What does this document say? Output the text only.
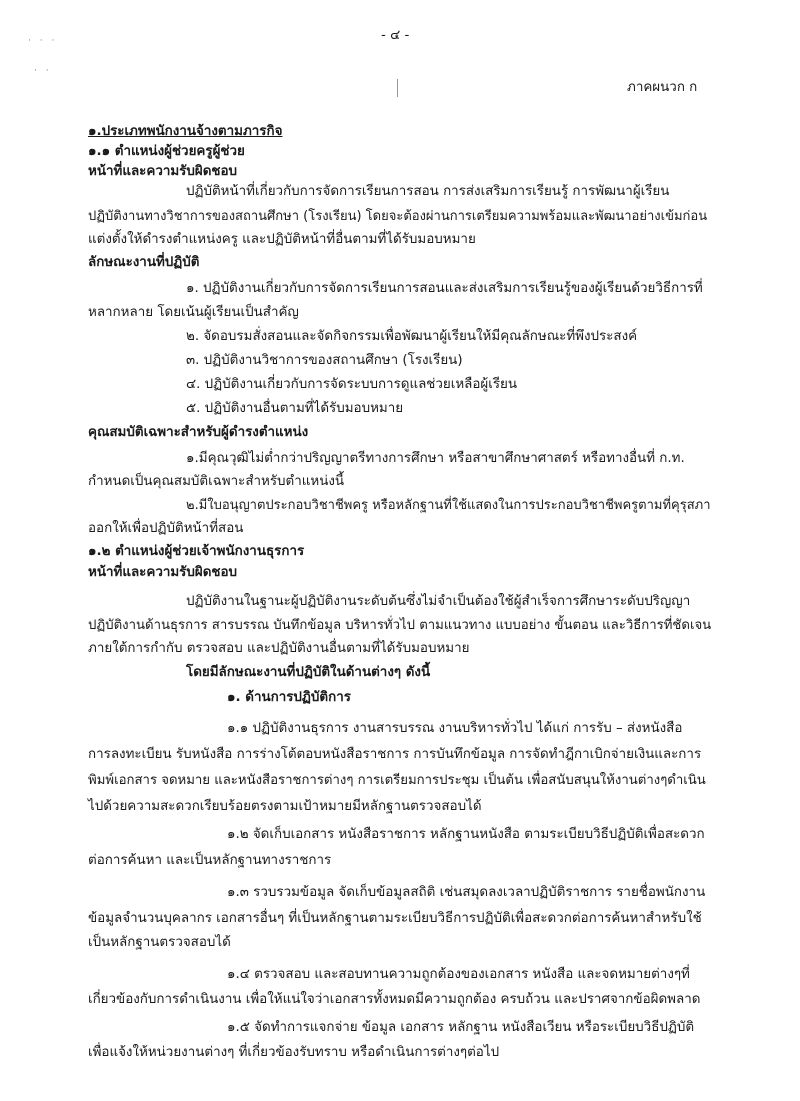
· · ·
· ·
- ๔ -
ภาคผนวก ก
๑.ประเภทพนักงานจ้างตามภารกิจ
๑.๑ ตำแหน่งผู้ช่วยครูผู้ช่วย
หน้าที่และความรับผิดชอบ
ปฏิบัติหน้าที่เกี่ยวกับการจัดการเรียนการสอน การส่งเสริมการเรียนรู้ การพัฒนาผู้เรียน
ปฏิบัติงานทางวิชาการของสถานศึกษา (โรงเรียน) โดยจะต้องผ่านการเตรียมความพร้อมและพัฒนาอย่างเข้มก่อน
แต่งตั้งให้ดำรงตำแหน่งครู และปฏิบัติหน้าที่อื่นตามที่ได้รับมอบหมาย
ลักษณะงานที่ปฏิบัติ
๑. ปฏิบัติงานเกี่ยวกับการจัดการเรียนการสอนและส่งเสริมการเรียนรู้ของผู้เรียนด้วยวิธีการที่
หลากหลาย โดยเน้นผู้เรียนเป็นสำคัญ
๒. จัดอบรมสั่งสอนและจัดกิจกรรมเพื่อพัฒนาผู้เรียนให้มีคุณลักษณะที่พึงประสงค์
๓. ปฏิบัติงานวิชาการของสถานศึกษา (โรงเรียน)
๔. ปฏิบัติงานเกี่ยวกับการจัดระบบการดูแลช่วยเหลือผู้เรียน
๕. ปฏิบัติงานอื่นตามที่ได้รับมอบหมาย
คุณสมบัติเฉพาะสำหรับผู้ดำรงตำแหน่ง
๑.มีคุณวุฒิไม่ต่ำกว่าปริญญาตรีทางการศึกษา หรือสาขาศึกษาศาสตร์ หรือทางอื่นที่ ก.ท.
กำหนดเป็นคุณสมบัติเฉพาะสำหรับตำแหน่งนี้
๒.มีใบอนุญาตประกอบวิชาชีพครู หรือหลักฐานที่ใช้แสดงในการประกอบวิชาชีพครูตามที่คุรุสภา
ออกให้เพื่อปฏิบัติหน้าที่สอน
๑.๒ ตำแหน่งผู้ช่วยเจ้าพนักงานธุรการ
หน้าที่และความรับผิดชอบ
ปฏิบัติงานในฐานะผู้ปฏิบัติงานระดับต้นซึ่งไม่จำเป็นต้องใช้ผู้สำเร็จการศึกษาระดับปริญญา
ปฏิบัติงานด้านธุรการ สารบรรณ บันทึกข้อมูล บริหารทั่วไป ตามแนวทาง แบบอย่าง ขั้นตอน และวิธีการที่ชัดเจน
ภายใต้การกำกับ ตรวจสอบ และปฏิบัติงานอื่นตามที่ได้รับมอบหมาย
โดยมีลักษณะงานที่ปฏิบัติในด้านต่างๆ ดังนี้
๑. ด้านการปฏิบัติการ
๑.๑ ปฏิบัติงานธุรการ งานสารบรรณ งานบริหารทั่วไป ได้แก่ การรับ – ส่งหนังสือ
การลงทะเบียน รับหนังสือ การร่างโต้ตอบหนังสือราชการ การบันทึกข้อมูล การจัดทำฎีกาเบิกจ่ายเงินและการ
พิมพ์เอกสาร จดหมาย และหนังสือราชการต่างๆ การเตรียมการประชุม เป็นต้น เพื่อสนับสนุนให้งานต่างๆดำเนิน
ไปด้วยความสะดวกเรียบร้อยตรงตามเป้าหมายมีหลักฐานตรวจสอบได้
๑.๒ จัดเก็บเอกสาร หนังสือราชการ หลักฐานหนังสือ ตามระเบียบวิธีปฏิบัติเพื่อสะดวก
ต่อการค้นหา และเป็นหลักฐานทางราชการ
๑.๓ รวบรวมข้อมูล จัดเก็บข้อมูลสถิติ เช่นสมุดลงเวลาปฏิบัติราชการ รายชื่อพนักงาน
ข้อมูลจำนวนบุคลากร เอกสารอื่นๆ ที่เป็นหลักฐานตามระเบียบวิธีการปฏิบัติเพื่อสะดวกต่อการค้นหาสำหรับใช้
เป็นหลักฐานตรวจสอบได้
๑.๔ ตรวจสอบ และสอบทานความถูกต้องของเอกสาร หนังสือ และจดหมายต่างๆที่
เกี่ยวข้องกับการดำเนินงาน เพื่อให้แน่ใจว่าเอกสารทั้งหมดมีความถูกต้อง ครบถ้วน และปราศจากข้อผิดพลาด
๑.๕ จัดทำการแจกจ่าย ข้อมูล เอกสาร หลักฐาน หนังสือเวียน หรือระเบียบวิธีปฏิบัติ
เพื่อแจ้งให้หน่วยงานต่างๆ ที่เกี่ยวข้องรับทราบ หรือดำเนินการต่างๆต่อไป
